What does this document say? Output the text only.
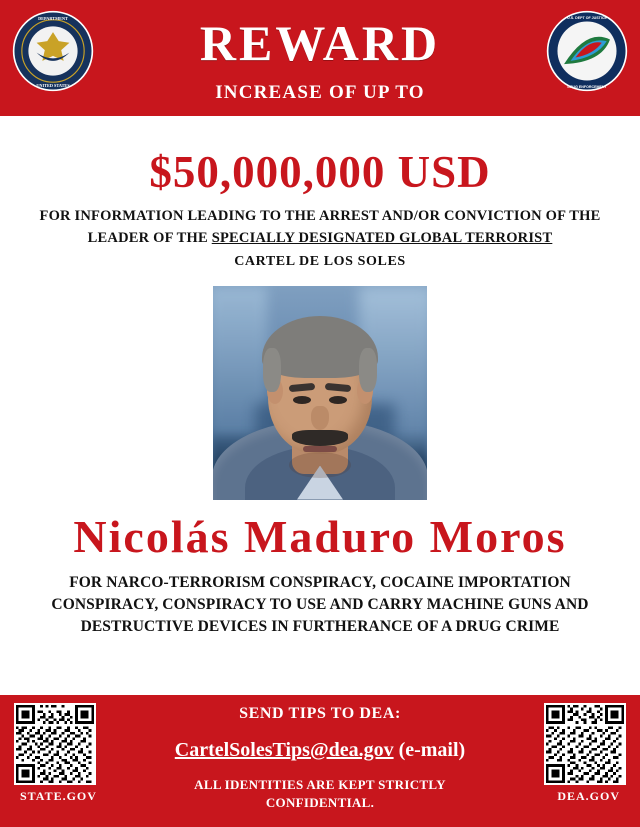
DEPARTMENT
UNITED STATES
REWARD
INCREASE OF UP TO
U.S. DEPT OF JUSTICE
DRUG ENFORCEMENT
$50,000,000 USD
FOR INFORMATION LEADING TO THE ARREST AND/OR CONVICTION OF THE
LEADER OF THE SPECIALLY DESIGNATED GLOBAL TERRORIST
CARTEL DE LOS SOLES
Nicolás Maduro Moros
FOR NARCO-TERRORISM CONSPIRACY, COCAINE IMPORTATION
CONSPIRACY, CONSPIRACY TO USE AND CARRY MACHINE GUNS AND
DESTRUCTIVE DEVICES IN FURTHERANCE OF A DRUG CRIME
STATE.GOV
SEND TIPS TO DEA:
CartelSolesTips@dea.gov (e-mail)
ALL IDENTITIES ARE KEPT STRICTLY
CONFIDENTIAL.	DEA.GOV
